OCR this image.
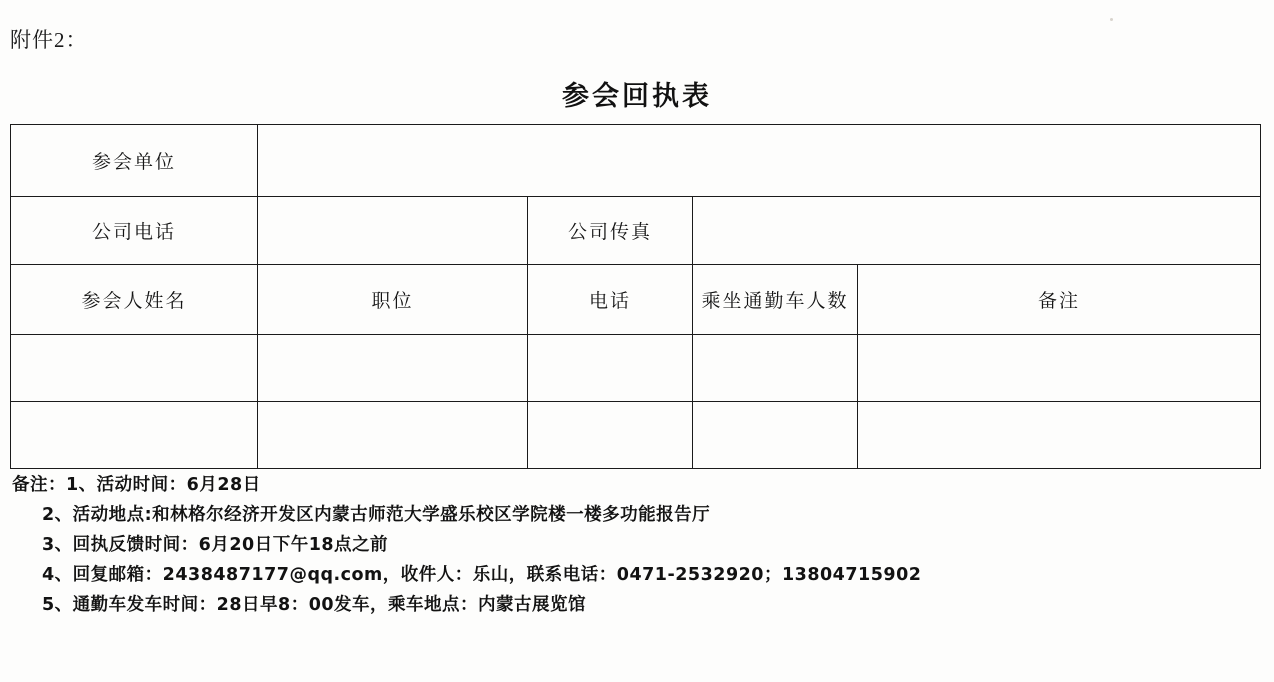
附件2：
参会回执表
参会单位				
公司电话		公司传真		
参会人姓名	职位	电话	乘坐通勤车人数	备注

备注：1、活动时间：6月28日
2、活动地点:和林格尔经济开发区内蒙古师范大学盛乐校区学院楼一楼多功能报告厅
3、回执反馈时间：6月20日下午18点之前
4、回复邮箱：2438487177@qq.com，收件人：乐山，联系电话：0471-2532920；13804715902
5、通勤车发车时间：28日早8：00发车，乘车地点：内蒙古展览馆
